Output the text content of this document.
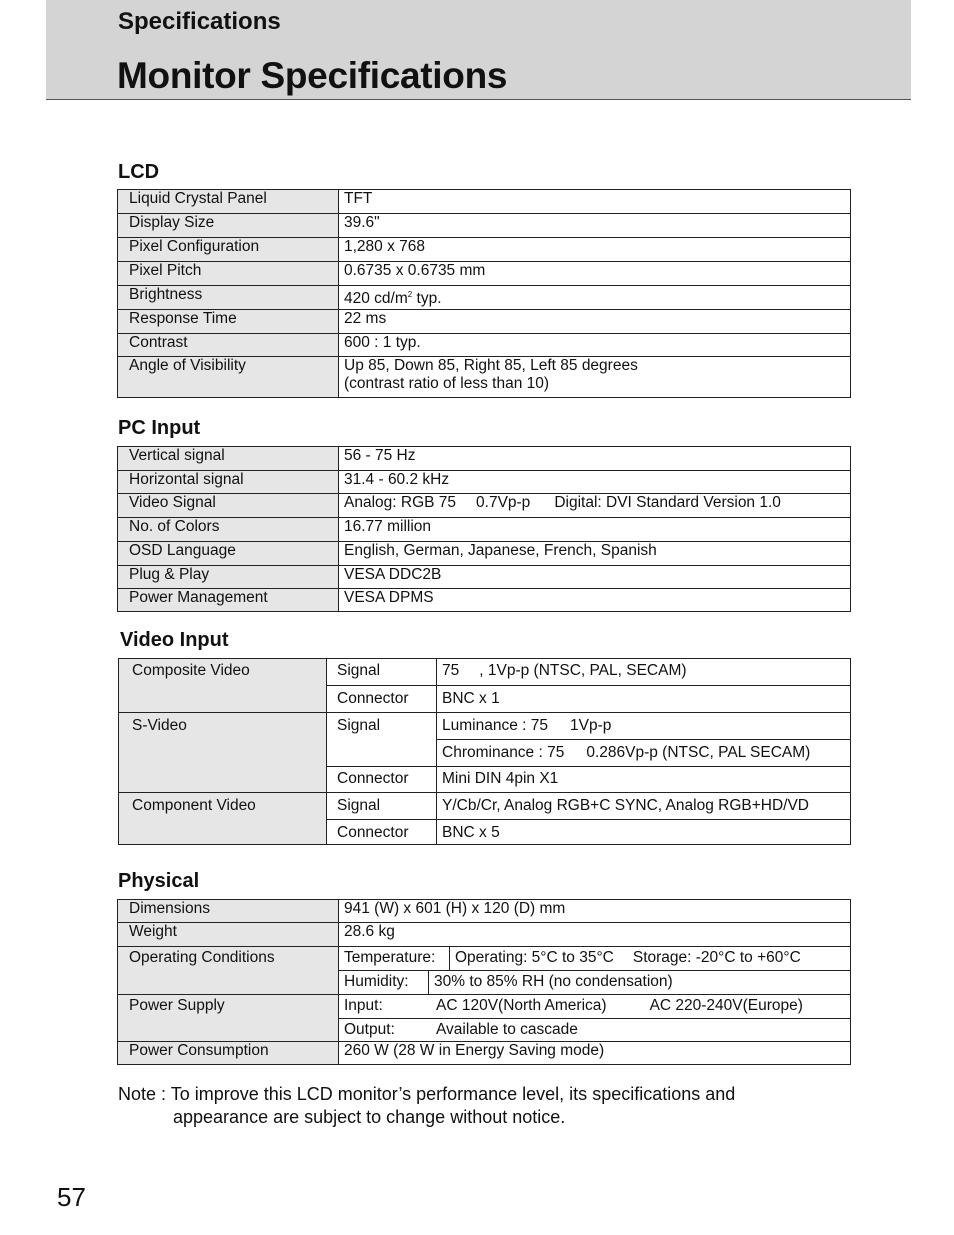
Specifications
Monitor Specifications
LCD
Liquid Crystal Panel	TFT
Display Size	39.6"
Pixel Configuration	1,280 x 768
Pixel Pitch	0.6735 x 0.6735 mm
Brightness	420 $cd/m^2$ typ.
Response Time	22 ms
Contrast	600 : 1 typ.
Angle of Visibility	Up 85, Down 85, Right 85, Left 85 degrees
(contrast ratio of less than 10)
PC Input
Vertical signal	56 - 75 Hz
Horizontal signal	31.4 - 60.2 kHz
Video Signal	Analog: RGB 75 0.7Vp-p Digital: DVI Standard Version 1.0
No. of Colors	16.77 million
OSD Language	English, German, Japanese, French, Spanish
Plug & Play	VESA DDC2B
Power Management	VESA DPMS
Video Input
Composite Video	Signal	75 , 1Vp-p (NTSC, PAL, SECAM)
	Connector	BNC x 1
S-Video	Signal	Luminance : 75 1Vp-p
		Chrominance : 75 0.286Vp-p (NTSC, PAL SECAM)
	Connector	Mini DIN 4pin X1
Component Video	Signal	Y/Cb/Cr, Analog RGB+C SYNC, Analog RGB+HD/VD
	Connector	BNC x 5
Physical
Dimensions	941 (W) x 601 (H) x 120 (D) mm		
Weight	28.6 kg		
Operating Conditions	Temperature:		Operating: 5°C to 35°C Storage: -20°C to +60°C
	Humidity:	30% to 85% RH (no condensation)	
Power Supply	Input: AC 120V(North America) AC 220-240V(Europe)		
	Output: Available to cascade		
Power Consumption	260 W (28 W in Energy Saving mode)		
Note : To improve this LCD monitor’s performance level, its specifications and
appearance are subject to change without notice.
57
